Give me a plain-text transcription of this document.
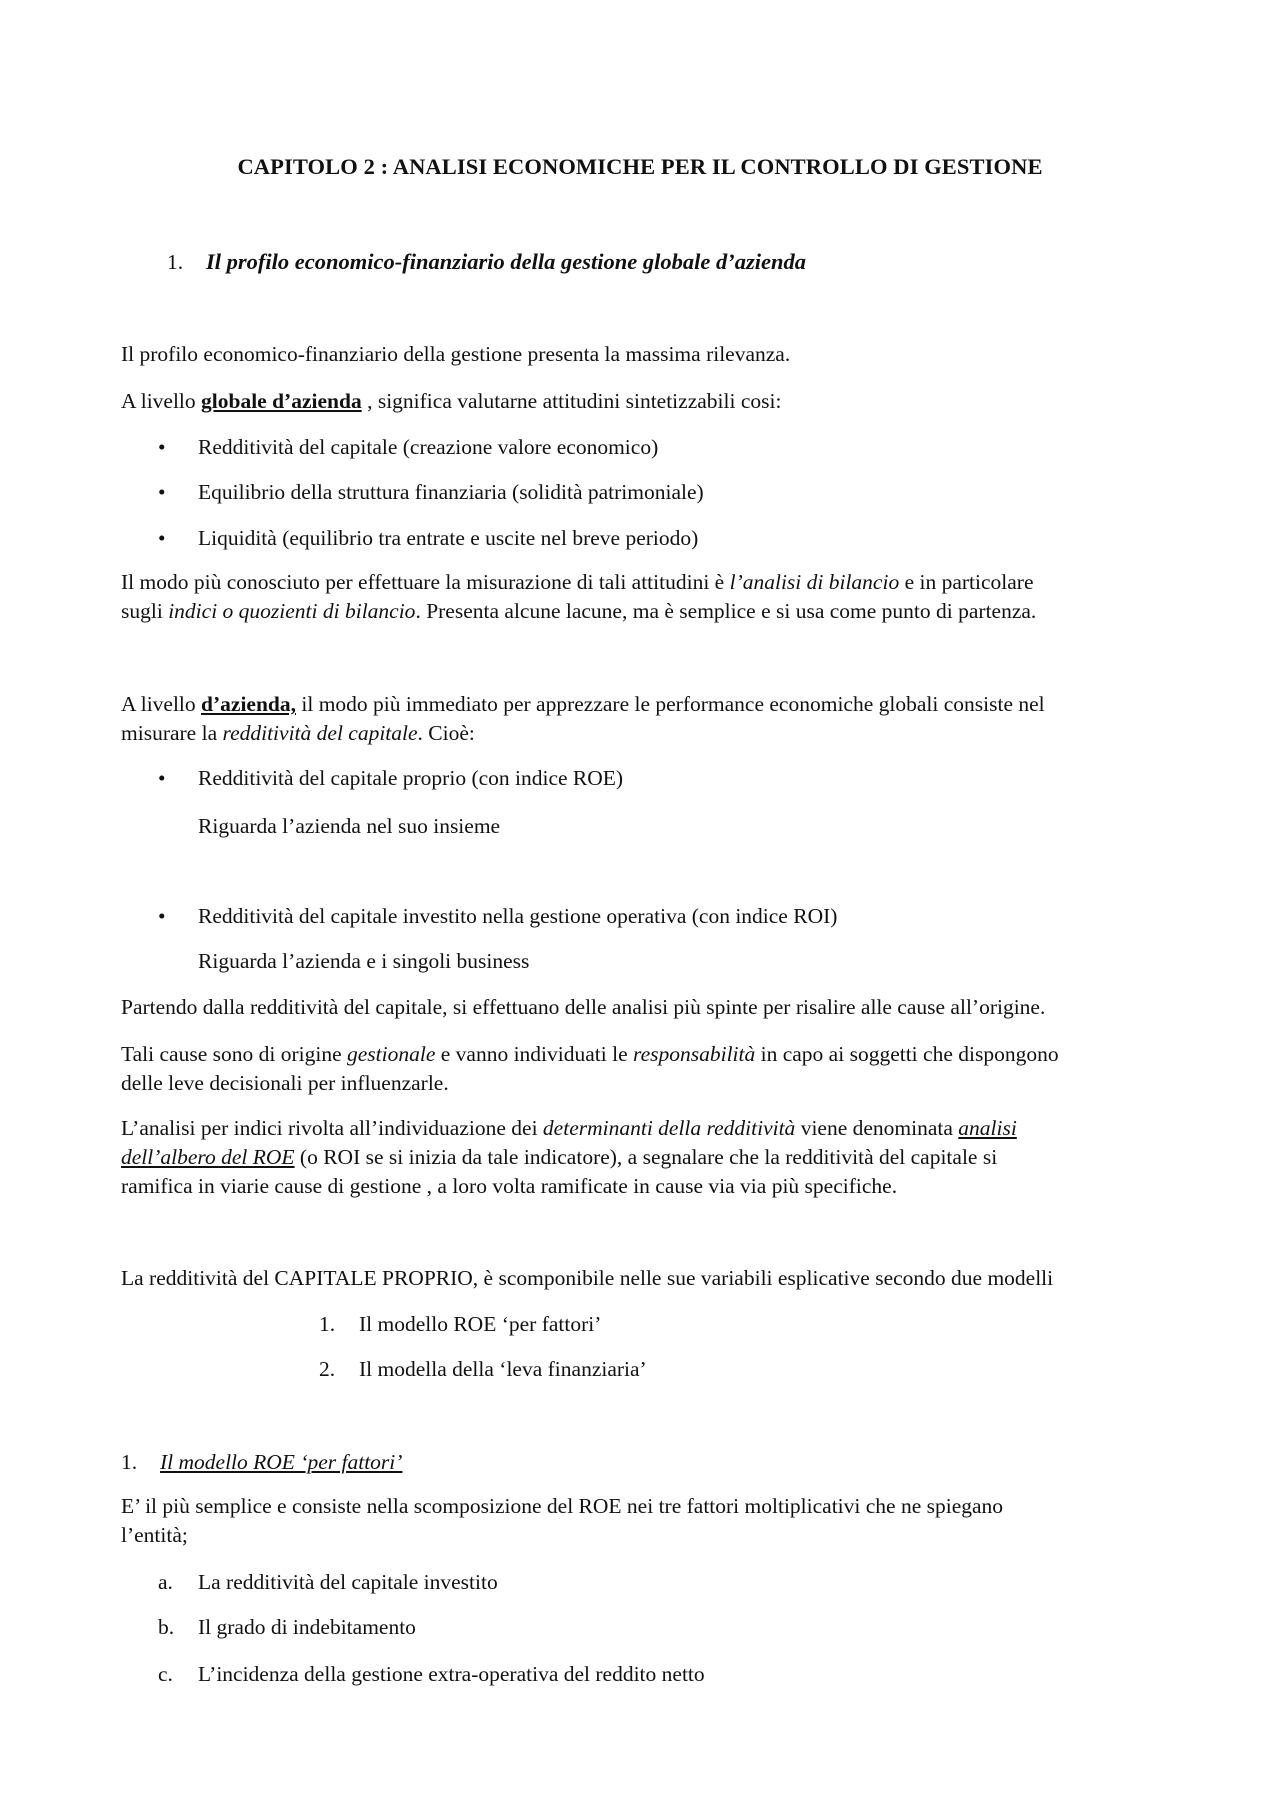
CAPITOLO 2 : ANALISI ECONOMICHE PER IL CONTROLLO DI GESTIONE
1. Il profilo economico-finanziario della gestione globale d’azienda

Il profilo economico-finanziario della gestione presenta la massima rilevanza.

A livello globale d’azienda , significa valutarne attitudini sintetizzabili cosi:

• Redditività del capitale (creazione valore economico)
• Equilibrio della struttura finanziaria (solidità patrimoniale)
• Liquidità (equilibrio tra entrate e uscite nel breve periodo)

Il modo più conosciuto per effettuare la misurazione di tali attitudini è l’analisi di bilancio e in particolare
sugli indici o quozienti di bilancio. Presenta alcune lacune, ma è semplice e si usa come punto di partenza.

A livello d’azienda, il modo più immediato per apprezzare le performance economiche globali consiste nel
misurare la redditività del capitale. Cioè:

• Redditività del capitale proprio (con indice ROE)
Riguarda l’azienda nel suo insieme
• Redditività del capitale investito nella gestione operativa (con indice ROI)
Riguarda l’azienda e i singoli business

Partendo dalla redditività del capitale, si effettuano delle analisi più spinte per risalire alle cause all’origine.

Tali cause sono di origine gestionale e vanno individuati le responsabilità in capo ai soggetti che dispongono
delle leve decisionali per influenzarle.

L’analisi per indici rivolta all’individuazione dei determinanti della redditività viene denominata analisi
dell’albero del ROE (o ROI se si inizia da tale indicatore), a segnalare che la redditività del capitale si
ramifica in viarie cause di gestione , a loro volta ramificate in cause via via più specifiche.

La redditività del CAPITALE PROPRIO, è scomponibile nelle sue variabili esplicative secondo due modelli

1. Il modello ROE ‘per fattori’
2. Il modella della ‘leva finanziaria’
1. Il modello ROE ‘per fattori’

E’ il più semplice e consiste nella scomposizione del ROE nei tre fattori moltiplicativi che ne spiegano
l’entità;

a. La redditività del capitale investito
b. Il grado di indebitamento
c. L’incidenza della gestione extra-operativa del reddito netto
